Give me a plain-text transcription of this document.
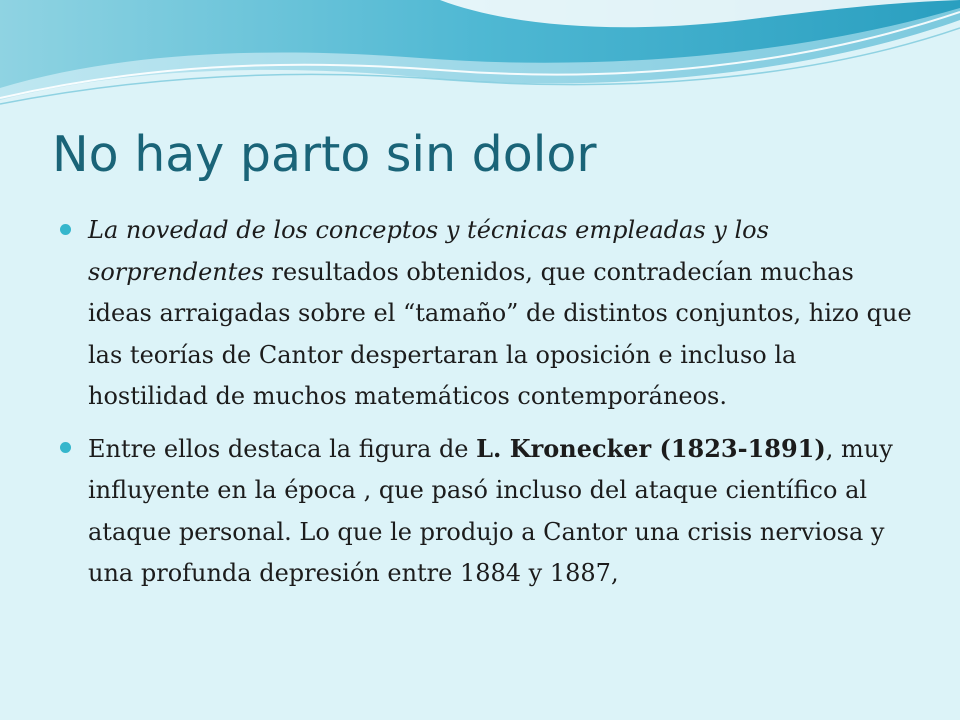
No hay parto sin dolor
La novedad de los conceptos y técnicas empleadas y los sorprendentes resultados obtenidos, que contradecían muchas ideas arraigadas sobre el “tamaño” de distintos conjuntos, hizo que las teorías de Cantor despertaran la oposición e incluso la hostilidad de muchos matemáticos contemporáneos.
Entre ellos destaca la figura de L. Kronecker (1823-1891), muy influyente en la época , que pasó incluso del ataque científico al ataque personal. Lo que le produjo a Cantor una crisis nerviosa y una profunda depresión entre 1884 y 1887,
